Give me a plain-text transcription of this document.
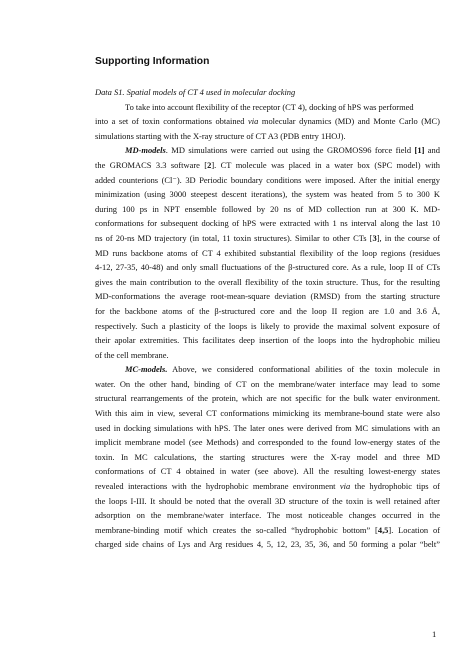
Supporting Information
Data S1. Spatial models of CT 4 used in molecular docking
To take into account flexibility of the receptor (CT 4), docking of hPS was performed
into a set of toxin conformations obtained via molecular dynamics (MD) and Monte Carlo (MC)
simulations starting with the X-ray structure of CT A3 (PDB entry 1HOJ).
MD-models. MD simulations were carried out using the GROMOS96 force field [1] and
the GROMACS 3.3 software [2]. CT molecule was placed in a water box (SPC model) with
added counterions (Cl⁻). 3D Periodic boundary conditions were imposed. After the initial energy
minimization (using 3000 steepest descent iterations), the system was heated from 5 to 300 K
during 100 ps in NPT ensemble followed by 20 ns of MD collection run at 300 K. MD-
conformations for subsequent docking of hPS were extracted with 1 ns interval along the last 10
ns of 20-ns MD trajectory (in total, 11 toxin structures). Similar to other CTs [3], in the course of
MD runs backbone atoms of CT 4 exhibited substantial flexibility of the loop regions (residues
4-12, 27-35, 40-48) and only small fluctuations of the β-structured core. As a rule, loop II of CTs
gives the main contribution to the overall flexibility of the toxin structure. Thus, for the resulting
MD-conformations the average root-mean-square deviation (RMSD) from the starting structure
for the backbone atoms of the β-structured core and the loop II region are 1.0 and 3.6 Å,
respectively. Such a plasticity of the loops is likely to provide the maximal solvent exposure of
their apolar extremities. This facilitates deep insertion of the loops into the hydrophobic milieu
of the cell membrane.
MC-models. Above, we considered conformational abilities of the toxin molecule in
water. On the other hand, binding of CT on the membrane/water interface may lead to some
structural rearrangements of the protein, which are not specific for the bulk water environment.
With this aim in view, several CT conformations mimicking its membrane-bound state were also
used in docking simulations with hPS. The later ones were derived from MC simulations with an
implicit membrane model (see Methods) and corresponded to the found low-energy states of the
toxin. In MC calculations, the starting structures were the X-ray model and three MD
conformations of CT 4 obtained in water (see above). All the resulting lowest-energy states
revealed interactions with the hydrophobic membrane environment via the hydrophobic tips of
the loops I-III. It should be noted that the overall 3D structure of the toxin is well retained after
adsorption on the membrane/water interface. The most noticeable changes occurred in the
membrane-binding motif which creates the so-called “hydrophobic bottom” [4,5]. Location of
charged side chains of Lys and Arg residues 4, 5, 12, 23, 35, 36, and 50 forming a polar “belt”
1
